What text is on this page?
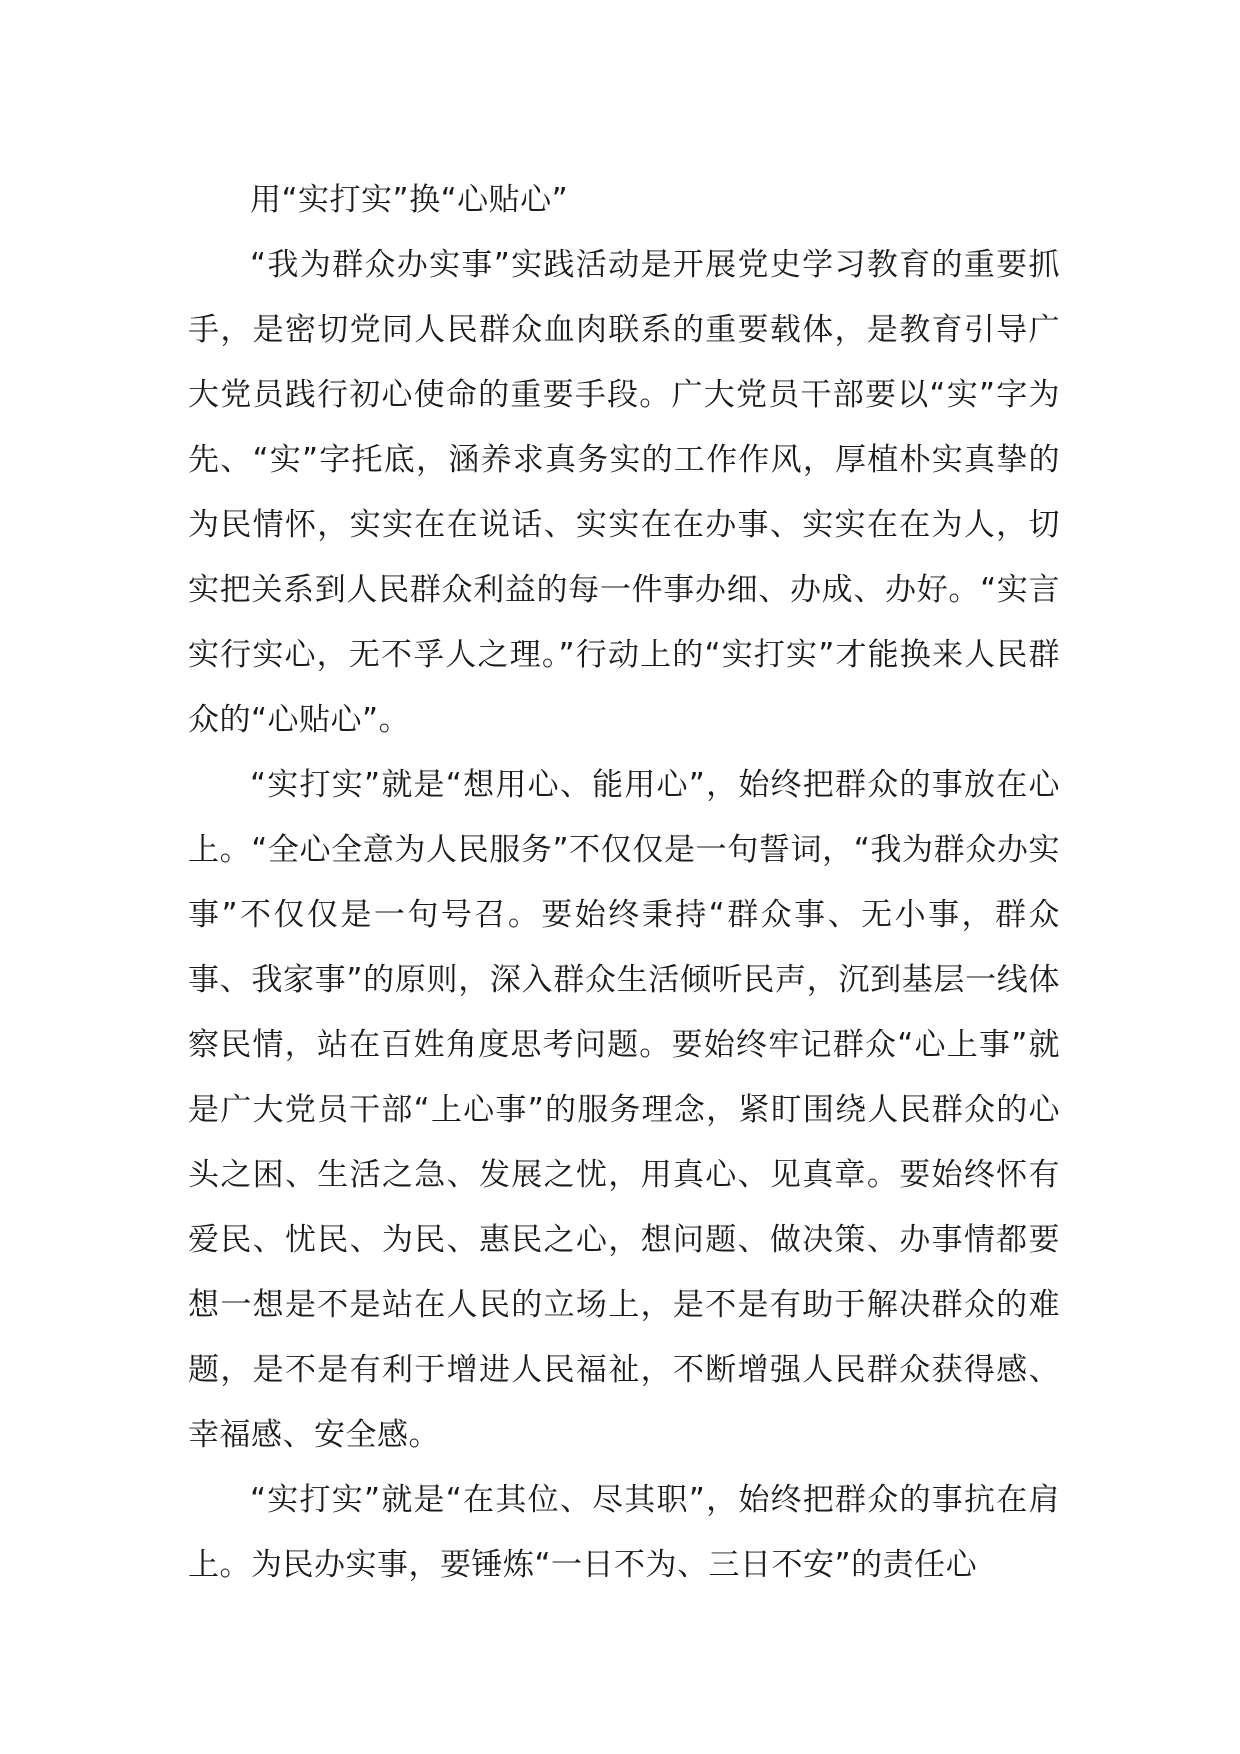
用“实打实”换“心贴心”

“我为群众办实事”实践活动是开展党史学习教育的重要抓手，是密切党同人民群众血肉联系的重要载体，是教育引导广大党员践行初心使命的重要手段。广大党员干部要以“实”字为先、“实”字托底，涵养求真务实的工作作风，厚植朴实真挚的为民情怀，实实在在说话、实实在在办事、实实在在为人，切实把关系到人民群众利益的每一件事办细、办成、办好。“实言实行实心，无不孚人之理。”行动上的“实打实”才能换来人民群众的“心贴心”。

“实打实”就是“想用心、能用心”，始终把群众的事放在心上。“全心全意为人民服务”不仅仅是一句誓词，“我为群众办实事”不仅仅是一句号召。要始终秉持“群众事、无小事，群众事、我家事”的原则，深入群众生活倾听民声，沉到基层一线体察民情，站在百姓角度思考问题。要始终牢记群众“心上事”就是广大党员干部“上心事”的服务理念，紧盯围绕人民群众的心头之困、生活之急、发展之忧，用真心、见真章。要始终怀有爱民、忧民、为民、惠民之心，想问题、做决策、办事情都要想一想是不是站在人民的立场上，是不是有助于解决群众的难题，是不是有利于增进人民福祉，不断增强人民群众获得感、幸福感、安全感。

“实打实”就是“在其位、尽其职”，始终把群众的事抗在肩上。为民办实事，要锤炼“一日不为、三日不安”的责任心
